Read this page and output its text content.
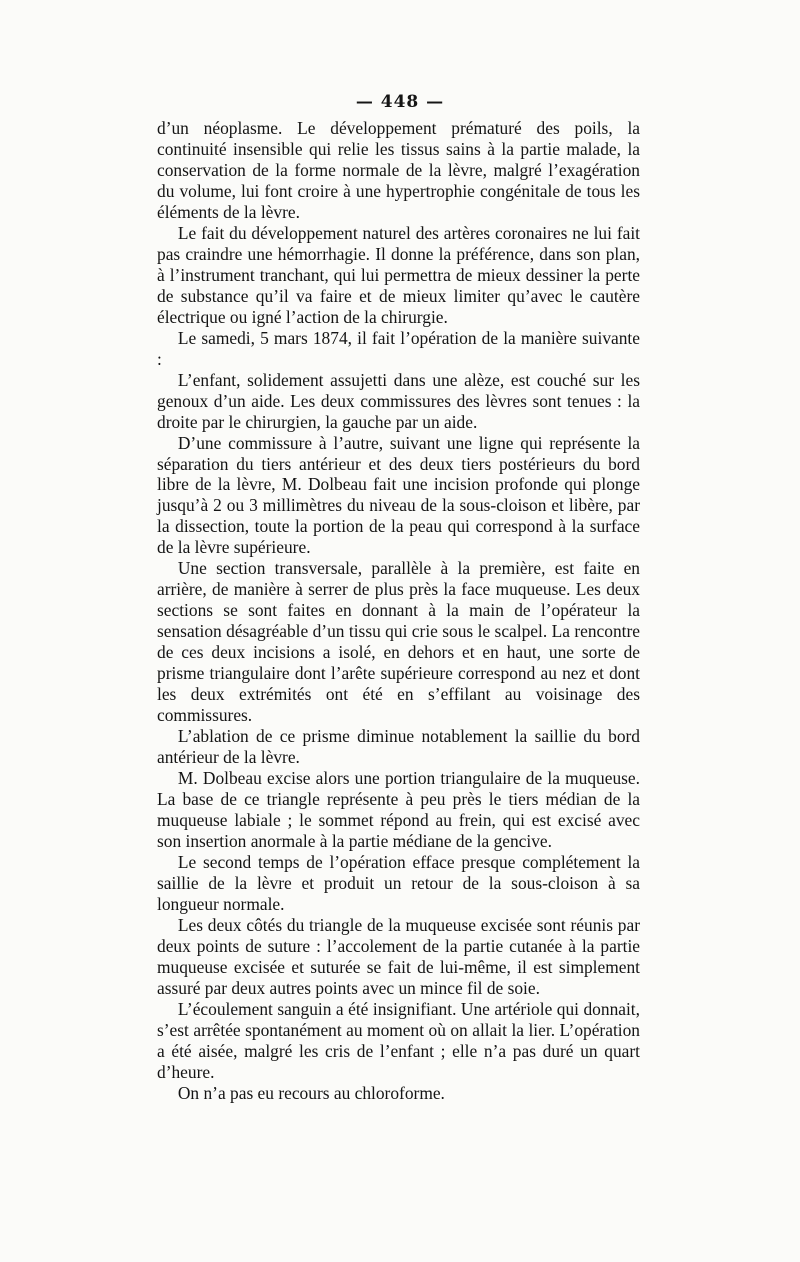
— 448 —

d’un néoplasme. Le développement prématuré des poils, la continuité insensible qui relie les tissus sains à la partie malade, la conservation de la forme normale de la lèvre, malgré l’exagération du volume, lui font croire à une hypertrophie congénitale de tous les éléments de la lèvre.

Le fait du développement naturel des artères coronaires ne lui fait pas craindre une hémorrhagie. Il donne la préférence, dans son plan, à l’instrument tranchant, qui lui permettra de mieux dessiner la perte de substance qu’il va faire et de mieux limiter qu’avec le cautère électrique ou igné l’action de la chirurgie.

Le samedi, 5 mars 1874, il fait l’opération de la manière suivante :

L’enfant, solidement assujetti dans une alèze, est couché sur les genoux d’un aide. Les deux commissures des lèvres sont tenues : la droite par le chirurgien, la gauche par un aide.

D’une commissure à l’autre, suivant une ligne qui représente la séparation du tiers antérieur et des deux tiers postérieurs du bord libre de la lèvre, M. Dolbeau fait une incision profonde qui plonge jusqu’à 2 ou 3 millimètres du niveau de la sous-cloison et libère, par la dissection, toute la portion de la peau qui correspond à la surface de la lèvre supérieure.

Une section transversale, parallèle à la première, est faite en arrière, de manière à serrer de plus près la face muqueuse. Les deux sections se sont faites en donnant à la main de l’opérateur la sensation désagréable d’un tissu qui crie sous le scalpel. La rencontre de ces deux incisions a isolé, en dehors et en haut, une sorte de prisme triangulaire dont l’arête supérieure correspond au nez et dont les deux extrémités ont été en s’effilant au voisinage des commissures.

L’ablation de ce prisme diminue notablement la saillie du bord antérieur de la lèvre.

M. Dolbeau excise alors une portion triangulaire de la muqueuse. La base de ce triangle représente à peu près le tiers médian de la muqueuse labiale ; le sommet répond au frein, qui est excisé avec son insertion anormale à la partie médiane de la gencive.

Le second temps de l’opération efface presque complétement la saillie de la lèvre et produit un retour de la sous-cloison à sa longueur normale.

Les deux côtés du triangle de la muqueuse excisée sont réunis par deux points de suture : l’accolement de la partie cutanée à la partie muqueuse excisée et suturée se fait de lui-même, il est simplement assuré par deux autres points avec un mince fil de soie.

L’écoulement sanguin a été insignifiant. Une artériole qui donnait, s’est arrêtée spontanément au moment où on allait la lier. L’opération a été aisée, malgré les cris de l’enfant ; elle n’a pas duré un quart d’heure.

On n’a pas eu recours au chloroforme.
